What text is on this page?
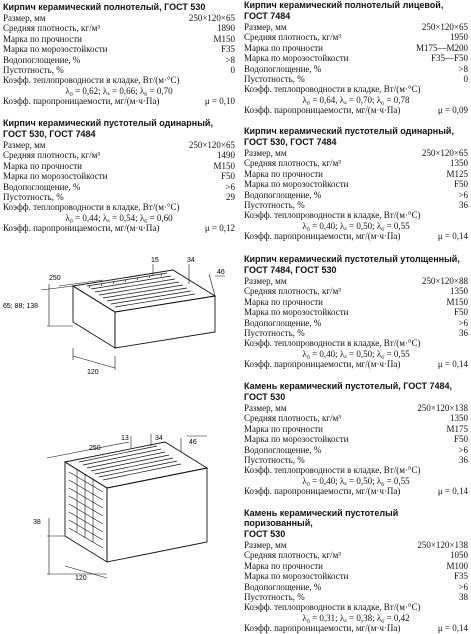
Кирпич керамический полнотелый, ГОСТ 530
Размер, мм	250×120×65
Средняя плотность, кг/м³	1890
Марка по прочности	М150
Марка по морозостойкости	F35
Водопоглощение, %	>8
Пустотность, %	0
Коэфф. теплопроводности в кладке, Вт/(м·°С)
λ₀ = 0,62; λₐ = 0,66; λ₆ = 0,70
Коэфф. паропроницаемости, мг/(м·ч·Па)	μ = 0,10
Кирпич керамический пустотелый одинарный,
ГОСТ 530, ГОСТ 7484
Размер, мм	250×120×65
Средняя плотность, кг/м³	1490
Марка по прочности	М150
Марка по морозостойкости	F50
Водопоглощение, %	>6
Пустотность, %	29
Коэфф. теплопроводности в кладке, Вт/(м·°С)
λ₀ = 0,44; λₐ = 0,54; λ₆ = 0,60
Коэфф. паропроницаемости, мг/(м·ч·Па)	μ = 0,12
250
15	34
46
65; 88; 138
120
250
13	34
46
38
120
Кирпич керамический полнотелый лицевой,
ГОСТ 7484
Размер, мм	250×120×65
Средняя плотность, кг/м³	1950
Марка по прочности	М175—М200
Марка по морозостойкости	F35—F50
Водопоглощение, %	>8
Пустотность, %	0
Коэфф. теплопроводности в кладке, Вт/(м·°С)
λ₀ = 0,64, λₐ = 0,70; λ₆ = 0,78
Коэфф. паропроницаемости, мг/(м·ч·Па)	μ = 0,09
Кирпич керамический пустотелый одинарный,
ГОСТ 530, ГОСТ 7484
Размер, мм	250×120×65
Средняя плотность, кг/м³	1350
Марка по прочности	М125
Марка по морозостойкости	F50
Водопоглощение, %	>6
Пустотность, %	36
Коэфф. теплопроводности в кладке, Вт/(м·°С)
λ₀ = 0,40; λₐ = 0,50; λ₆ = 0,55
Коэфф. паропроницаемости, мг/(м·ч·Па)	μ = 0,14
Кирпич керамический пустотелый утолщенный,
ГОСТ 7484, ГОСТ 530
Размер, мм	250×120×88
Средняя плотность, кг/м³	1350
Марка по прочности	М150
Марка по морозостойкости	F50
Водопоглощение, %	>6
Пустотность, %	36
Коэфф. теплопроводности в кладке, Вт/(м·°С)
λ₀ = 0,40; λₐ = 0,50; λ₆ = 0,55
Коэфф. паропроницаемости, мг/(м·ч·Па)	μ = 0,14
Камень керамический пустотелый, ГОСТ 7484,
ГОСТ 530
Размер, мм	250×120×138
Средняя плотность, кг/м³	1350
Марка по прочности	М175
Марка по морозостойкости	F50
Водопоглощение, %	>6
Пустотность, %	36
Коэфф. теплопроводности в кладке, Вт/(м·°С)
λ₀ = 0,40; λₐ = 0,50; λ₆ = 0,55
Коэфф. паропроницаемости, мг/(м·ч·Па)	μ = 0,14
Камень керамический пустотелый поризованный,
ГОСТ 530
Размер, мм	250×120×138
Средняя плотность, кг/м³	1050
Марка по прочности	М100
Марка по морозостойкости	F35
Водопоглощение, %	>6
Пустотность, %	38
Коэфф. теплопроводности в кладке, Вт/(м·°С)
λ₀ = 0,31; λₐ = 0,38; λ₆ = 0,42
Коэфф. паропроницаемости, мг/(м·ч·Па)	μ = 0,14
